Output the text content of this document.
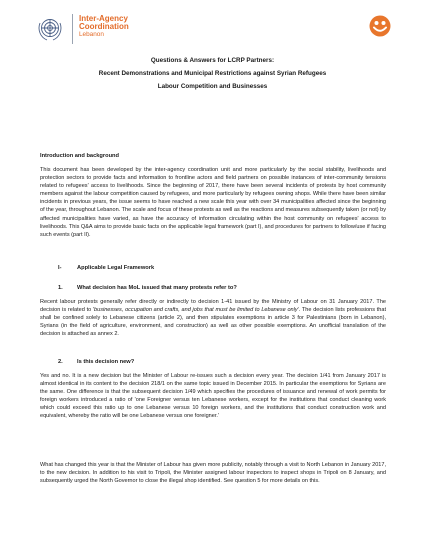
Inter-Agency
Coordination
Lebanon
Questions & Answers for LCRP Partners:
Recent Demonstrations and Municipal Restrictions against Syrian Refugees
Labour Competition and Businesses
Introduction and background

This document has been developed by the inter-agency coordination unit and more particularly by the social stability, livelihoods and protection sectors to provide facts and information to frontline actors and field partners on possible instances of inter-community tensions related to refugees' access to livelihoods. Since the beginning of 2017, there have been several incidents of protests by host community members against the labour competition caused by refugees, and more particularly by refugees owning shops. While there have been similar incidents in previous years, the issue seems to have reached a new scale this year with over 34 municipalities affected since the beginning of the year, throughout Lebanon. The scale and focus of these protests as well as the reactions and measures subsequently taken (or not) by affected municipalities have varied, as have the accuracy of information circulating within the host community on refugees' access to livelihoods. This Q&A aims to provide basic facts on the applicable legal framework (part I), and procedures for partners to follow/use if facing such events (part II).

I-	Applicable Legal Framework
1.	What decision has MoL issued that many protests refer to?

Recent labour protests generally refer directly or indirectly to decision 1-41 issued by the Ministry of Labour on 31 January 2017. The decision is related to 'businesses, occupation and crafts, and jobs that must be limited to Lebanese only'. The decision lists professions that shall be confined solely to Lebanese citizens (article 2), and then stipulates exemptions in article 3 for Palestinians (born in Lebanon), Syrians (in the field of agriculture, environment, and construction) as well as other possible exemptions. An unofficial translation of the decision is attached as annex 2.

2.	Is this decision new?

Yes and no. It is a new decision but the Minister of Labour re-issues such a decision every year. The decision 1/41 from January 2017 is almost identical in its content to the decision 218/1 on the same topic issued in December 2015. In particular the exemptions for Syrians are the same. One difference is that the subsequent decision 1/49 which specifies the procedures of issuance and renewal of work permits for foreign workers introduced a ratio of 'one Foreigner versus ten Lebanese workers, except for the institutions that conduct cleaning work which could exceed this ratio up to one Lebanese versus 10 foreign workers, and the institutions that conduct construction work and equivalent, whereby the ratio will be one Lebanese versus one foreigner.'

What has changed this year is that the Minister of Labour has given more publicity, notably through a visit to North Lebanon in January 2017, to the new decision. In addition to his visit to Tripoli, the Minister assigned labour inspectors to inspect shops in Tripoli on 8 January, and subsequently urged the North Governor to close the illegal shop identified. See question 5 for more details on this.
